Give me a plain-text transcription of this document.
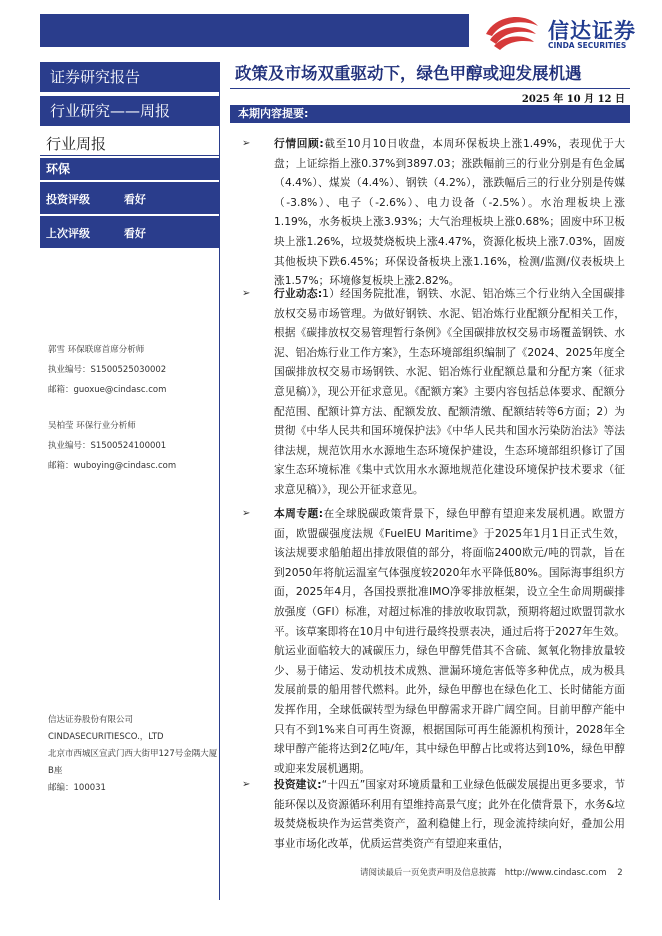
信达证券
CINDA SECURITIES
证券研究报告
行业研究——周报
行业周报
环保
投资评级	看好
上次评级	看好
郭雪 环保联席首席分析师
执业编号：S1500525030002
邮箱：guoxue@cindasc.com
吴柏莹 环保行业分析师
执业编号：S1500524100001
邮箱：wuboying@cindasc.com
信达证券股份有限公司
CINDASECURITIESCO.，LTD
北京市西城区宣武门西大街甲127号金隅大厦B座
邮编：100031
政策及市场双重驱动下，绿色甲醇或迎发展机遇
2025 年 10 月 12 日
本期内容提要:
➢ 行情回顾:截至10月10日收盘，本周环保板块上涨1.49%，表现优于大盘；上证综指上涨0.37%到3897.03；涨跌幅前三的行业分别是有色金属（4.4%）、煤炭（4.4%）、钢铁（4.2%），涨跌幅后三的行业分别是传媒（-3.8%）、电子（-2.6%）、电力设备（-2.5%）。水治理板块上涨1.19%，水务板块上涨3.93%；大气治理板块上涨0.68%；固废中环卫板块上涨1.26%，垃圾焚烧板块上涨4.47%，资源化板块上涨7.03%，固废其他板块下跌6.45%；环保设备板块上涨1.16%，检测/监测/仪表板块上涨1.57%；环境修复板块上涨2.82%。
➢ 行业动态:1）经国务院批准，钢铁、水泥、铝冶炼三个行业纳入全国碳排放权交易市场管理。为做好钢铁、水泥、铝冶炼行业配额分配相关工作，根据《碳排放权交易管理暂行条例》《全国碳排放权交易市场覆盖钢铁、水泥、铝冶炼行业工作方案》，生态环境部组织编制了《2024、2025年度全国碳排放权交易市场钢铁、水泥、铝冶炼行业配额总量和分配方案（征求意见稿）》，现公开征求意见。《配额方案》主要内容包括总体要求、配额分配范围、配额计算方法、配额发放、配额清缴、配额结转等6方面；2）为贯彻《中华人民共和国环境保护法》《中华人民共和国水污染防治法》等法律法规，规范饮用水水源地生态环境保护建设，生态环境部组织修订了国家生态环境标准《集中式饮用水水源地规范化建设环境保护技术要求（征求意见稿）》，现公开征求意见。
➢ 本周专题:在全球脱碳政策背景下，绿色甲醇有望迎来发展机遇。欧盟方面，欧盟碳强度法规《FuelEU Maritime》于2025年1月1日正式生效，该法规要求船舶超出排放限值的部分，将面临2400欧元/吨的罚款，旨在到2050年将航运温室气体强度较2020年水平降低80%。国际海事组织方面，2025年4月，各国投票批准IMO净零排放框架，设立全生命周期碳排放强度（GFI）标准，对超过标准的排放收取罚款，预期将超过欧盟罚款水平。该草案即将在10月中旬进行最终投票表决，通过后将于2027年生效。航运业面临较大的减碳压力，绿色甲醇凭借其不含硫、氮氧化物排放量较少、易于储运、发动机技术成熟、泄漏环境危害低等多种优点，成为极具发展前景的船用替代燃料。此外，绿色甲醇也在绿色化工、长时储能方面发挥作用，全球低碳转型为绿色甲醇需求开辟广阔空间。目前甲醇产能中只有不到1%来自可再生资源，根据国际可再生能源机构预计，2028年全球甲醇产能将达到2亿吨/年，其中绿色甲醇占比或将达到10%，绿色甲醇或迎来发展机遇期。
➢ 投资建议:“十四五”国家对环境质量和工业绿色低碳发展提出更多要求，节能环保以及资源循环利用有望维持高景气度；此外在化债背景下，水务&垃圾焚烧板块作为运营类资产，盈利稳健上行，现金流持续向好，叠加公用事业市场化改革，优质运营类资产有望迎来重估，
请阅读最后一页免责声明及信息披露 http://www.cindasc.com 2
